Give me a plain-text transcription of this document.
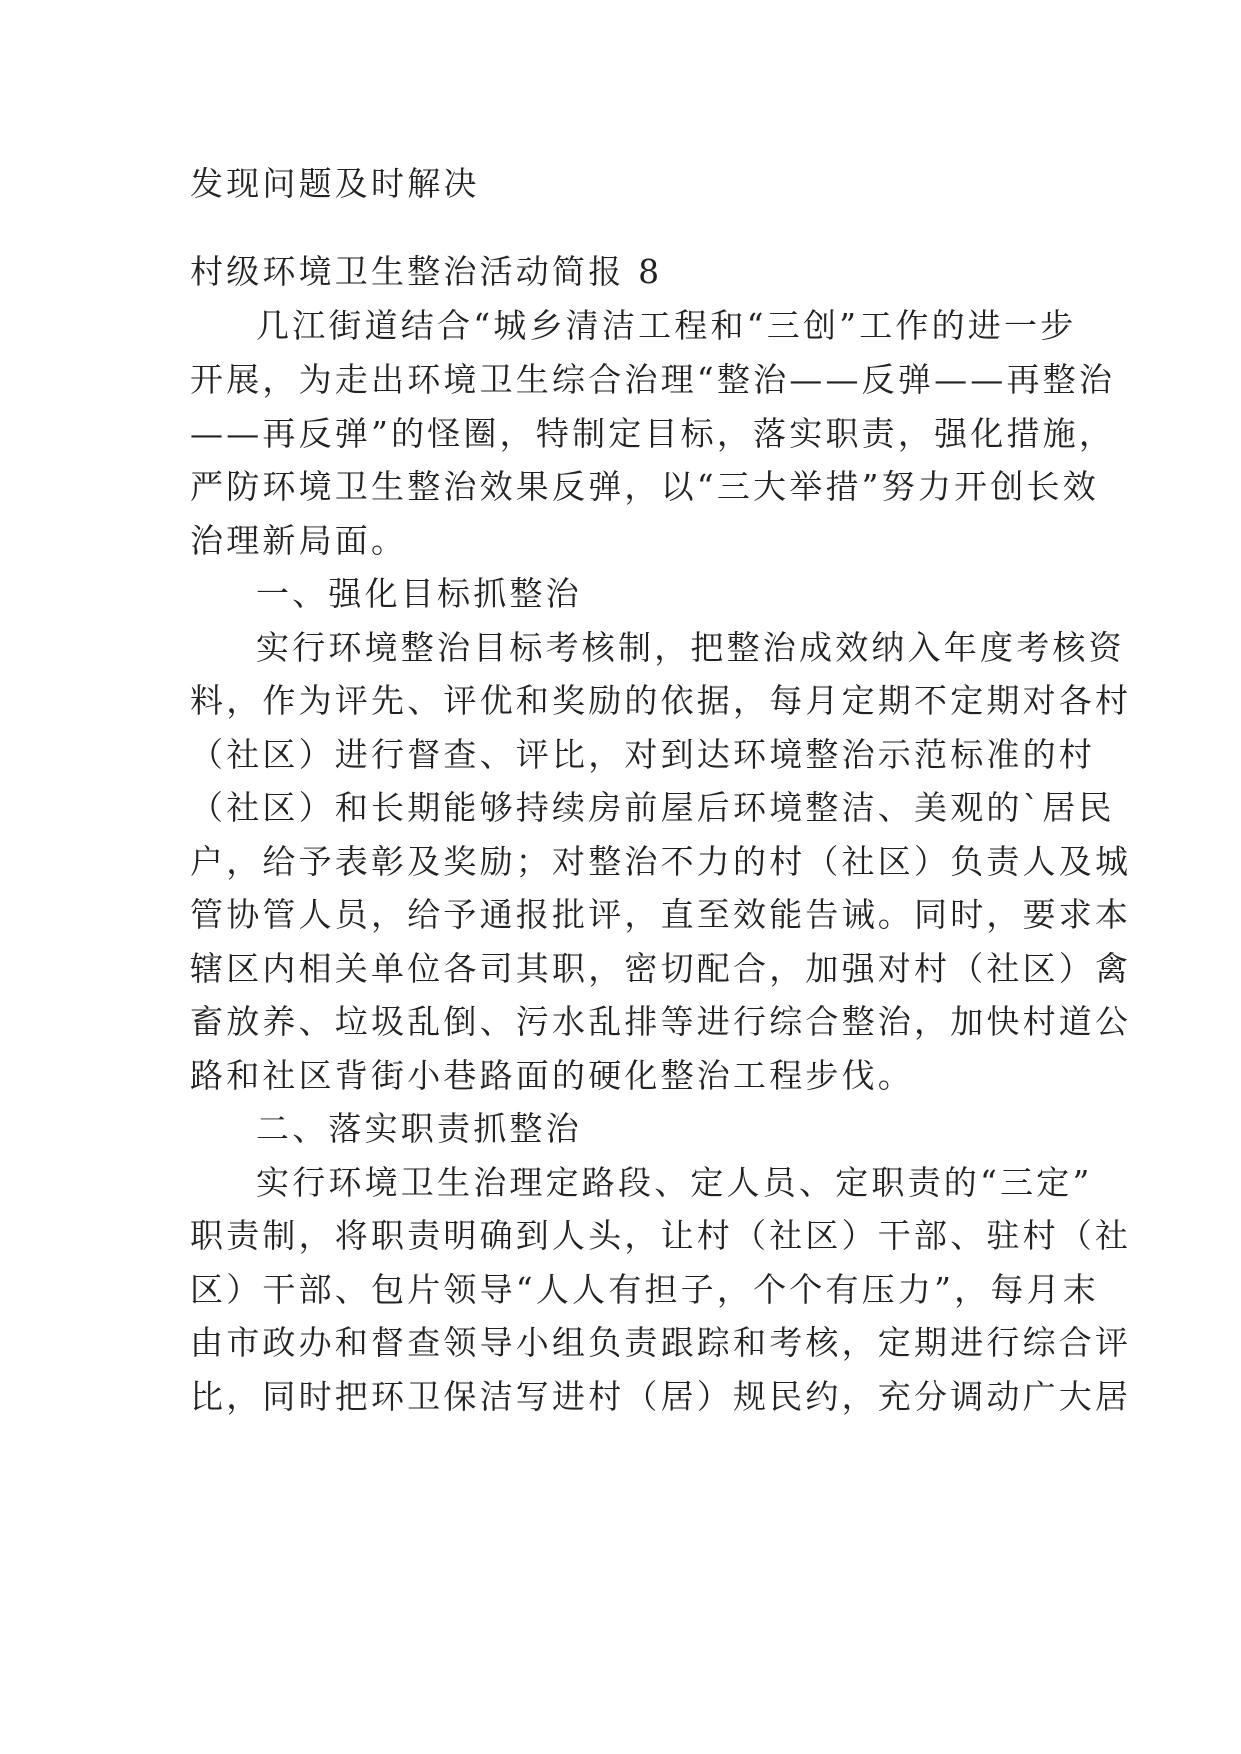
发现问题及时解决

村级环境卫生整治活动简报 8

几江街道结合“城乡清洁工程和“三创”工作的进一步

开展，为走出环境卫生综合治理“整治——反弹——再整治

——再反弹”的怪圈，特制定目标，落实职责，强化措施，

严防环境卫生整治效果反弹，以“三大举措”努力开创长效

治理新局面。

一、强化目标抓整治

实行环境整治目标考核制，把整治成效纳入年度考核资

料，作为评先、评优和奖励的依据，每月定期不定期对各村

（社区）进行督查、评比，对到达环境整治示范标准的村

（社区）和长期能够持续房前屋后环境整洁、美观的`居民

户，给予表彰及奖励；对整治不力的村（社区）负责人及城

管协管人员，给予通报批评，直至效能告诫。同时，要求本

辖区内相关单位各司其职，密切配合，加强对村（社区）禽

畜放养、垃圾乱倒、污水乱排等进行综合整治，加快村道公

路和社区背街小巷路面的硬化整治工程步伐。

二、落实职责抓整治

实行环境卫生治理定路段、定人员、定职责的“三定”

职责制，将职责明确到人头，让村（社区）干部、驻村（社

区）干部、包片领导“人人有担子，个个有压力”，每月末

由市政办和督查领导小组负责跟踪和考核，定期进行综合评

比，同时把环卫保洁写进村（居）规民约，充分调动广大居
